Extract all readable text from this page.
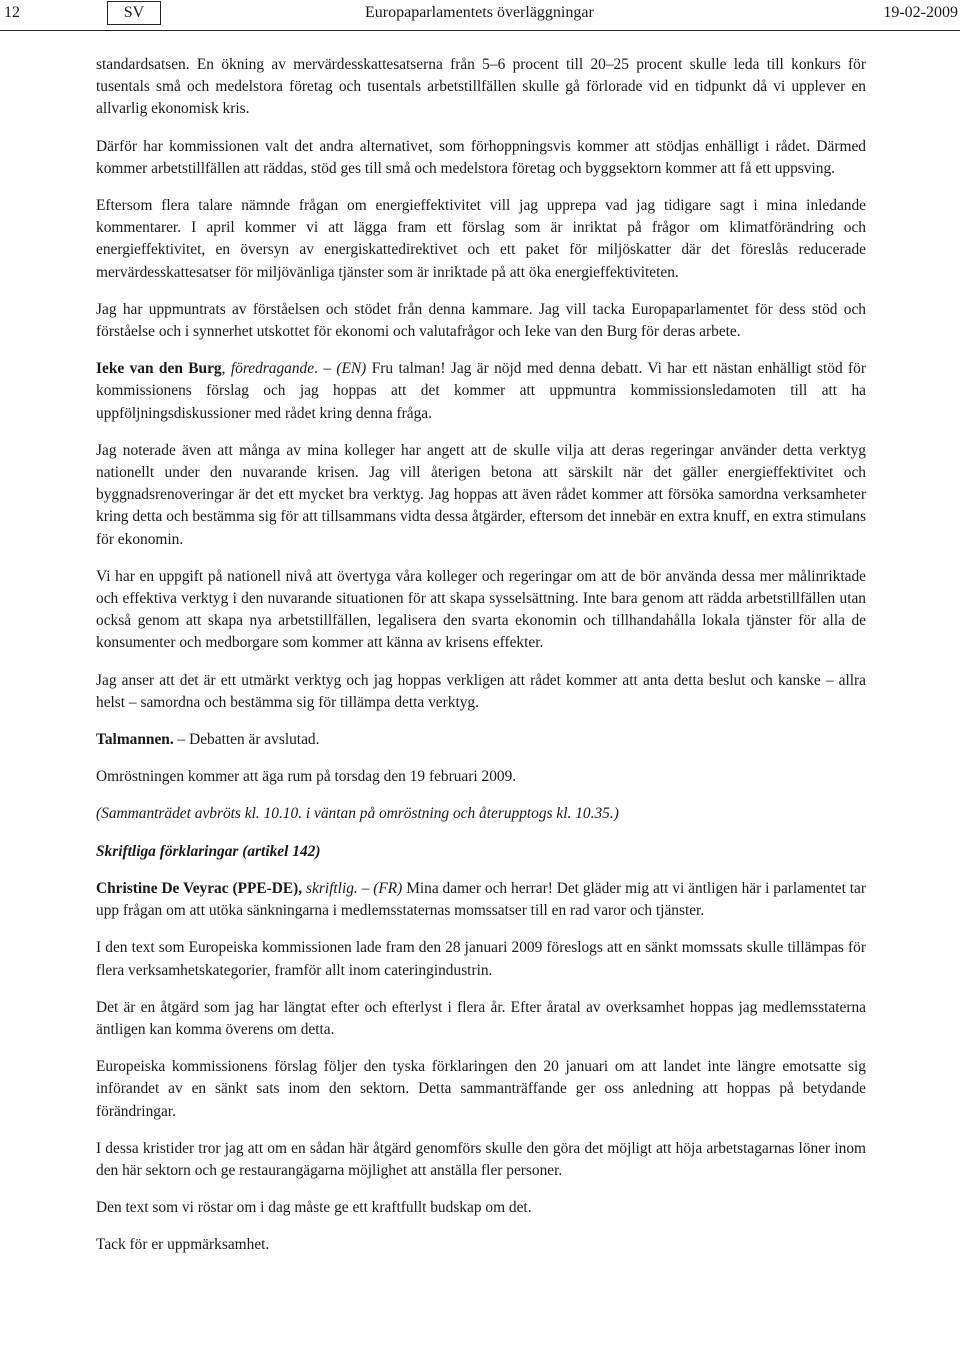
12	SV	Europaparlamentets överläggningar	19-02-2009

standardsatsen. En ökning av mervärdesskattesatserna från 5–6 procent till 20–25 procent skulle leda till konkurs för tusentals små och medelstora företag och tusentals arbetstillfällen skulle gå förlorade vid en tidpunkt då vi upplever en allvarlig ekonomisk kris.

Därför har kommissionen valt det andra alternativet, som förhoppningsvis kommer att stödjas enhälligt i rådet. Därmed kommer arbetstillfällen att räddas, stöd ges till små och medelstora företag och byggsektorn kommer att få ett uppsving.

Eftersom flera talare nämnde frågan om energieffektivitet vill jag upprepa vad jag tidigare sagt i mina inledande kommentarer. I april kommer vi att lägga fram ett förslag som är inriktat på frågor om klimatförändring och energieffektivitet, en översyn av energiskattedirektivet och ett paket för miljöskatter där det föreslås reducerade mervärdesskattesatser för miljövänliga tjänster som är inriktade på att öka energieffektiviteten.

Jag har uppmuntrats av förståelsen och stödet från denna kammare. Jag vill tacka Europaparlamentet för dess stöd och förståelse och i synnerhet utskottet för ekonomi och valutafrågor och Ieke van den Burg för deras arbete.

Ieke van den Burg, föredragande. – (EN) Fru talman! Jag är nöjd med denna debatt. Vi har ett nästan enhälligt stöd för kommissionens förslag och jag hoppas att det kommer att uppmuntra kommissionsledamoten till att ha uppföljningsdiskussioner med rådet kring denna fråga.

Jag noterade även att många av mina kolleger har angett att de skulle vilja att deras regeringar använder detta verktyg nationellt under den nuvarande krisen. Jag vill återigen betona att särskilt när det gäller energieffektivitet och byggnadsrenoveringar är det ett mycket bra verktyg. Jag hoppas att även rådet kommer att försöka samordna verksamheter kring detta och bestämma sig för att tillsammans vidta dessa åtgärder, eftersom det innebär en extra knuff, en extra stimulans för ekonomin.

Vi har en uppgift på nationell nivå att övertyga våra kolleger och regeringar om att de bör använda dessa mer målinriktade och effektiva verktyg i den nuvarande situationen för att skapa sysselsättning. Inte bara genom att rädda arbetstillfällen utan också genom att skapa nya arbetstillfällen, legalisera den svarta ekonomin och tillhandahålla lokala tjänster för alla de konsumenter och medborgare som kommer att känna av krisens effekter.

Jag anser att det är ett utmärkt verktyg och jag hoppas verkligen att rådet kommer att anta detta beslut och kanske – allra helst – samordna och bestämma sig för tillämpa detta verktyg.

Talmannen. – Debatten är avslutad.

Omröstningen kommer att äga rum på torsdag den 19 februari 2009.

(Sammanträdet avbröts kl. 10.10. i väntan på omröstning och återupptogs kl. 10.35.)

Skriftliga förklaringar (artikel 142)

Christine De Veyrac (PPE-DE), skriftlig. – (FR) Mina damer och herrar! Det gläder mig att vi äntligen här i parlamentet tar upp frågan om att utöka sänkningarna i medlemsstaternas momssatser till en rad varor och tjänster.

I den text som Europeiska kommissionen lade fram den 28 januari 2009 föreslogs att en sänkt momssats skulle tillämpas för flera verksamhetskategorier, framför allt inom cateringindustrin.

Det är en åtgärd som jag har längtat efter och efterlyst i flera år. Efter åratal av overksamhet hoppas jag medlemsstaterna äntligen kan komma överens om detta.

Europeiska kommissionens förslag följer den tyska förklaringen den 20 januari om att landet inte längre emotsatte sig införandet av en sänkt sats inom den sektorn. Detta sammanträffande ger oss anledning att hoppas på betydande förändringar.

I dessa kristider tror jag att om en sådan här åtgärd genomförs skulle den göra det möjligt att höja arbetstagarnas löner inom den här sektorn och ge restaurangägarna möjlighet att anställa fler personer.

Den text som vi röstar om i dag måste ge ett kraftfullt budskap om det.

Tack för er uppmärksamhet.
